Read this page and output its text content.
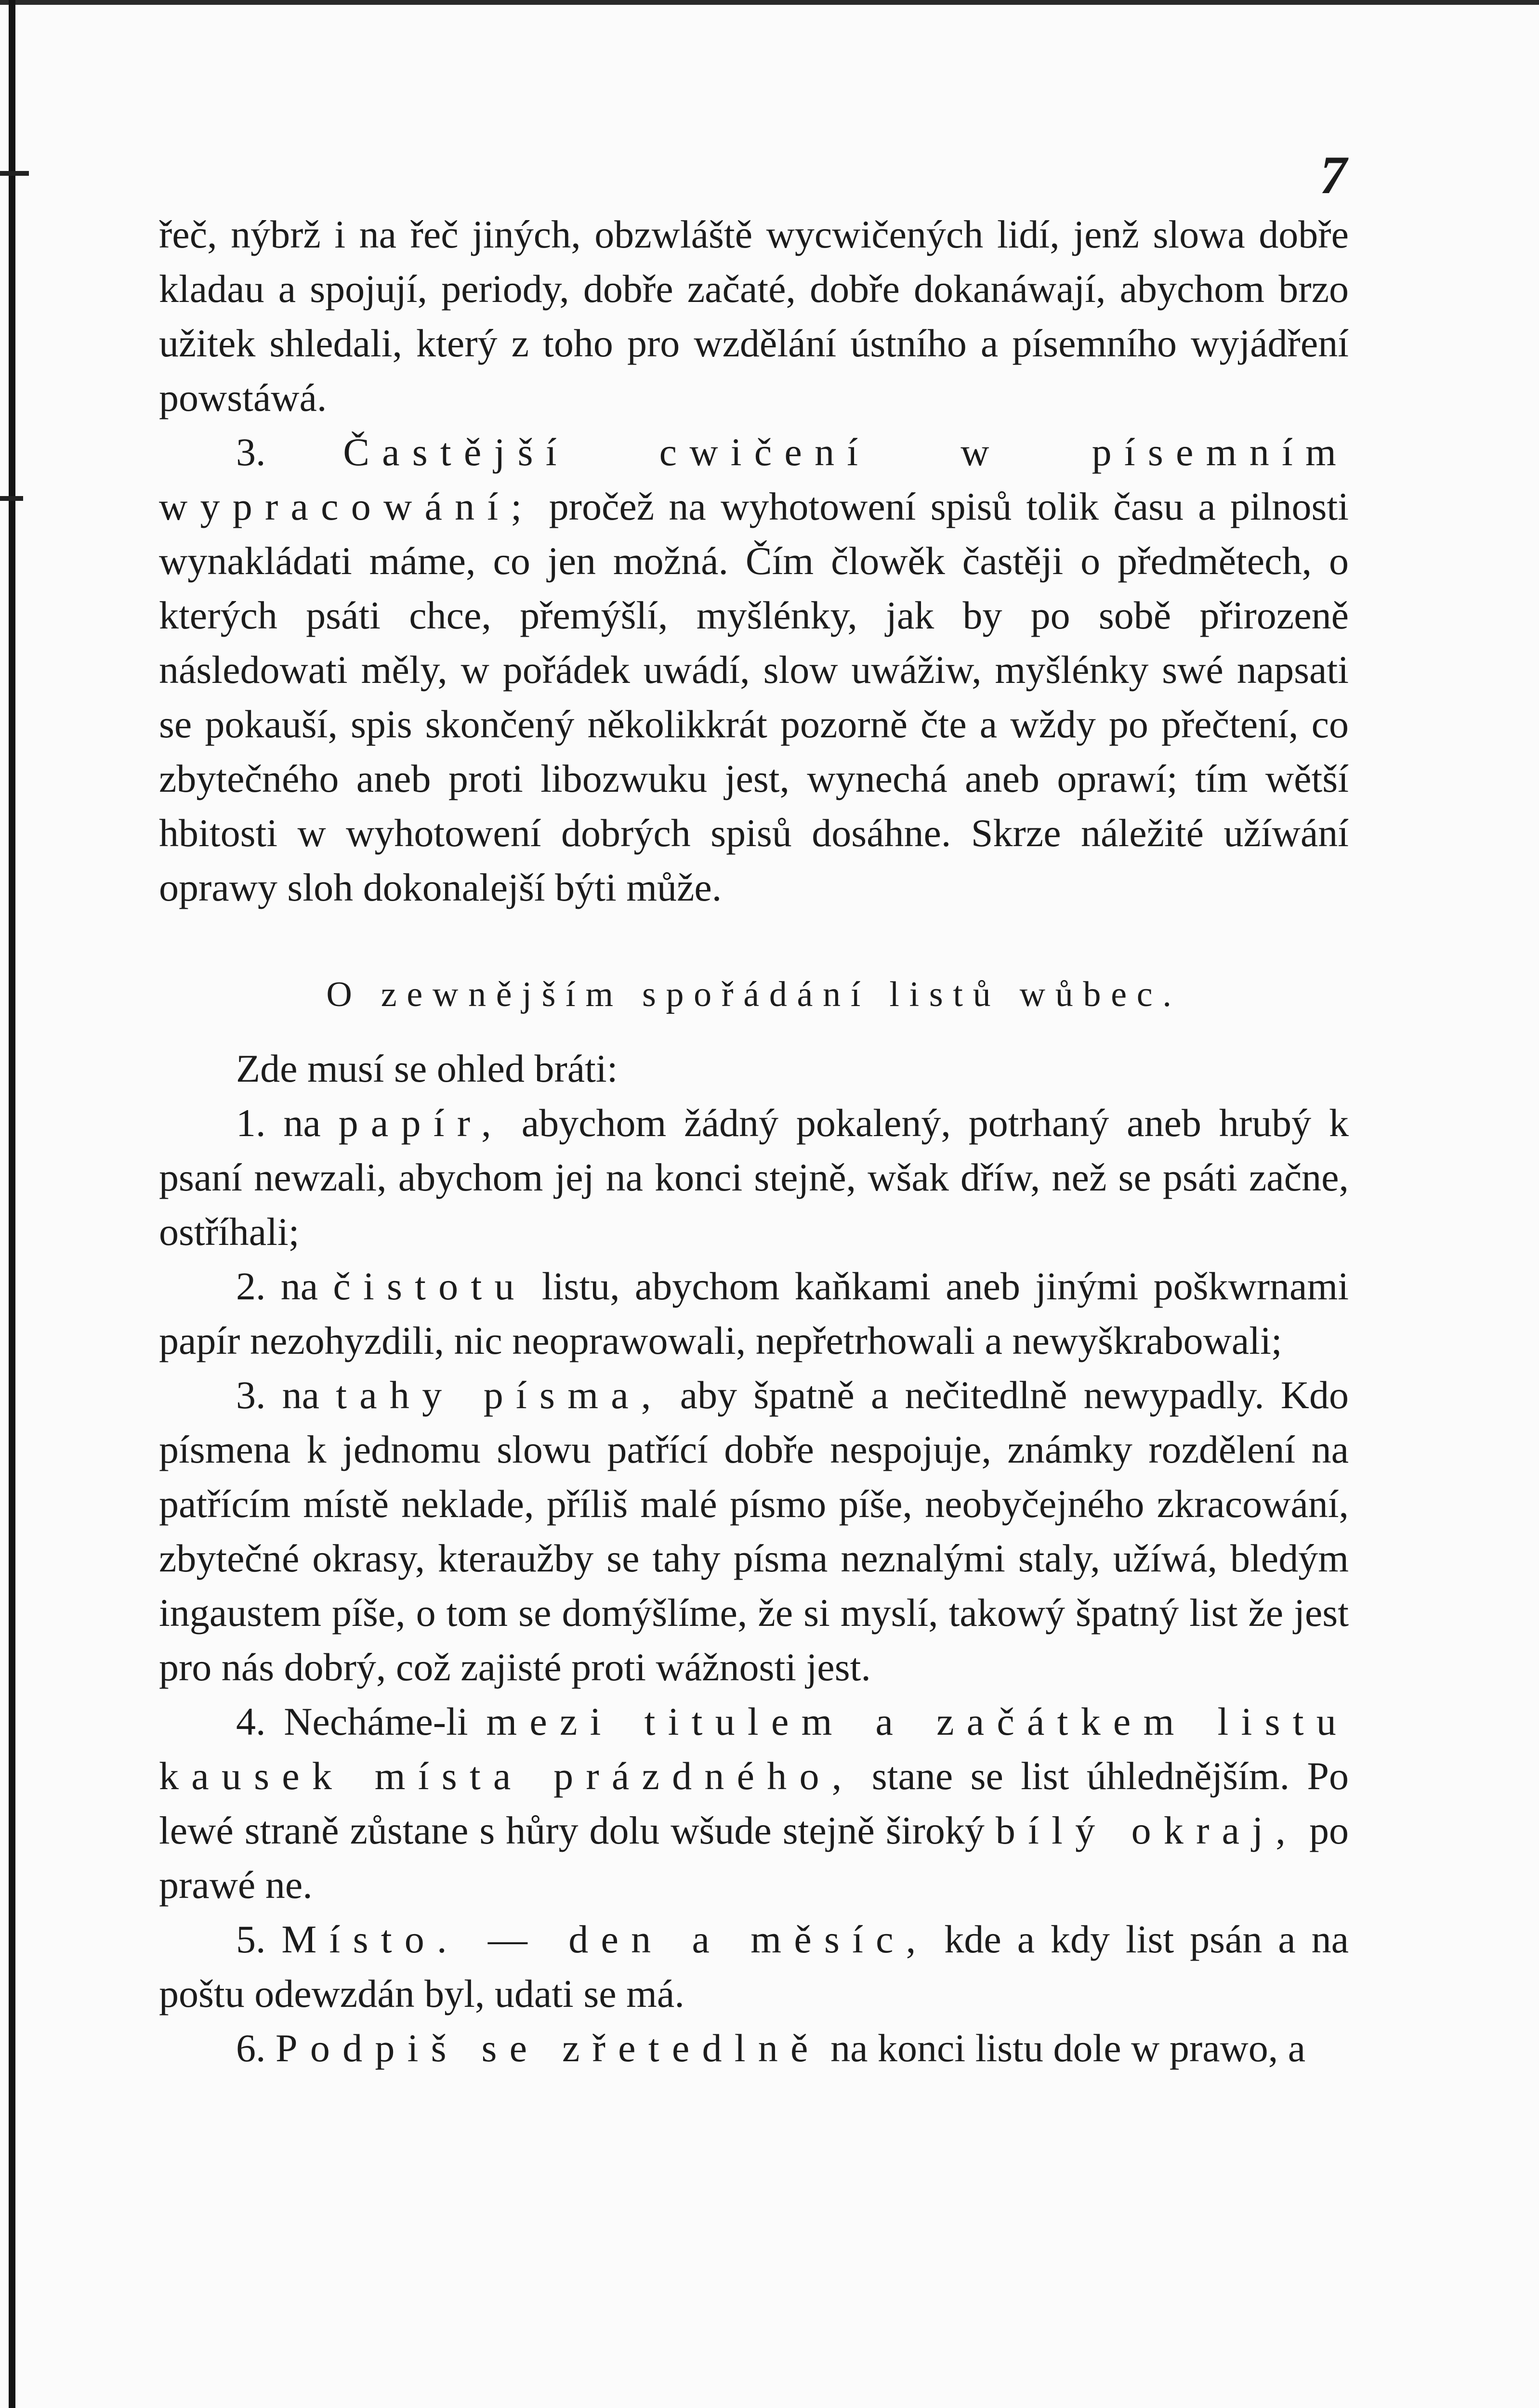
7

řeč, nýbrž i na řeč jiných, obzwláště wycwičených lidí, jenž slowa dobře kladau a spojují, periody, dobře začaté, dobře dokanáwají, abychom brzo užitek shledali, který z toho pro wzdělání ústního a písemního wyjádření powstáwá.

3. Častější cwičení w písemním wypracowání; pročež na wyhotowení spisů tolik času a pilnosti wynakládati máme, co jen možná. Čím člowěk častěji o předmětech, o kterých psáti chce, přemýšlí, myšlénky, jak by po sobě přirozeně následowati měly, w pořádek uwádí, slow uwážiw, myšlénky swé napsati se pokauší, spis skončený několikkrát pozorně čte a wždy po přečtení, co zbytečného aneb proti libozwuku jest, wynechá aneb oprawí; tím wětší hbitosti w wyhotowení dobrých spisů dosáhne. Skrze náležité užíwání oprawy sloh dokonalejší býti může.

O zewnějším spořádání listů wůbec.

Zde musí se ohled bráti:

1. na papír, abychom žádný pokalený, potrhaný aneb hrubý k psaní newzali, abychom jej na konci stejně, wšak dříw, než se psáti začne, ostříhali;

2. na čistotu listu, abychom kaňkami aneb jinými poškwrnami papír nezohyzdili, nic neoprawowali, nepřetrhowali a newyškrabowali;

3. na tahy písma, aby špatně a nečitedlně newypadly. Kdo písmena k jednomu slowu patřící dobře nespojuje, známky rozdělení na patřícím místě neklade, příliš malé písmo píše, neobyčejného zkracowání, zbytečné okrasy, kteraužby se tahy písma neznalými staly, užíwá, bledým ingaustem píše, o tom se domýšlíme, že si myslí, takowý špatný list že jest pro nás dobrý, což zajisté proti wážnosti jest.

4. Necháme-li mezi titulem a začátkem listu kausek místa prázdného, stane se list úhlednějším. Po lewé straně zůstane s hůry dolu wšude stejně široký bílý okraj, po prawé ne.

5. Místo. — den a měsíc, kde a kdy list psán a na poštu odewzdán byl, udati se má.

6. Podpiš se zřetedlně na konci listu dole w prawo, a
